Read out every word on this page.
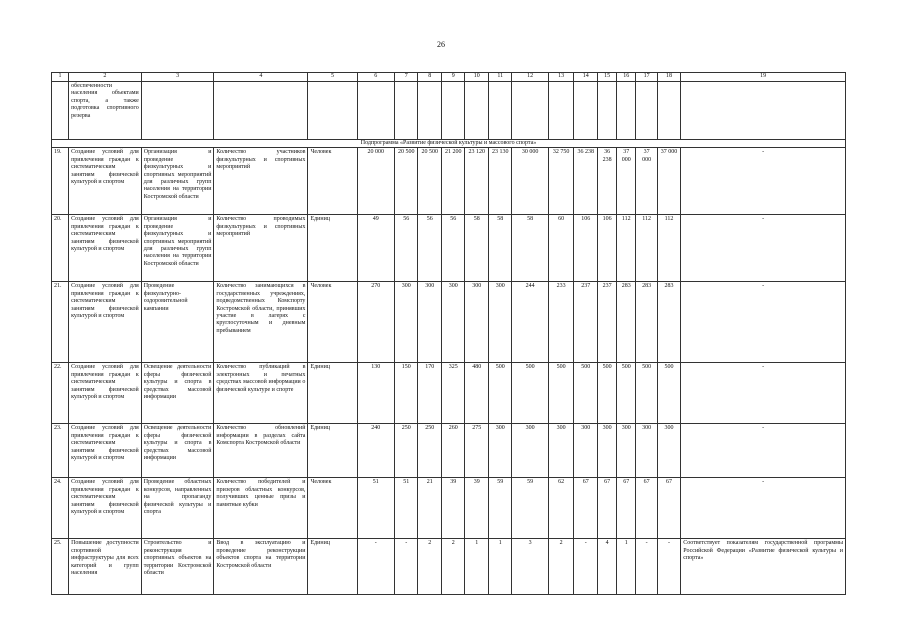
26
1	2	3	4	5	6	7	8	9	10	11	12	13	14	15	16	17	18	19
	обеспеченности населения объектами спорта, а также подготовка спортивного резерва																	
Подпрограмма «Развитие физической культуры и массового спорта»																		
19.	Создание условий для привлечения граждан к систематическим занятиям физической культурой и спортом	Организация и проведение физкультурных и спортивных мероприятий для различных групп населения на территории Костромской области	Количество участников физкультурных и спортивных мероприятий	Человек	20 000	20 500	20 500	21 200	23 120	23 130	30 000	32 750	36 238	36 238	37 000	37 000	37 000	-
20.	Создание условий для привлечения граждан к систематическим занятиям физической культурой и спортом	Организация и проведение физкультурных и спортивных мероприятий для различных групп населения на территории Костромской области	Количество проводимых физкультурных и спортивных мероприятий	Единиц	49	56	56	56	58	58	58	60	106	106	112	112	112	-
21.	Создание условий для привлечения граждан к систематическим занятиям физической культурой и спортом	Проведение физкультурно-оздоровительной кампании	Количество занимающихся в государственных учреждениях, подведомственных Комспорту Костромской области, принявших участие в лагерях с круглосуточным и дневным пребыванием	Человек	270	300	300	300	300	300	244	233	237	237	283	283	283	-
22.	Создание условий для привлечения граждан к систематическим занятиям физической культурой и спортом	Освещение деятельности сферы физической культуры и спорта в средствах массовой информации	Количество публикаций в электронных и печатных средствах массовой информации о физической культуре и спорте	Единиц	130	150	170	325	480	500	500	500	500	500	500	500	500	-
23.	Создание условий для привлечения граждан к систематическим занятиям физической культурой и спортом	Освещение деятельности сферы физической культуры и спорта в средствах массовой информации	Количество обновлений информации в разделах сайта Комспорта Костромской области	Единиц	240	250	250	260	275	300	300	300	300	300	300	300	300	-
24.	Создание условий для привлечения граждан к систематическим занятиям физической культурой и спортом	Проведение областных конкурсов, направленных на пропаганду физической культуры и спорта	Количество победителей и призеров областных конкурсов, получивших ценные призы и памятные кубки	Человек	51	51	21	39	39	59	59	62	67	67	67	67	67	-
25.	Повышение доступности спортивной инфраструктуры для всех категорий и групп населения	Строительство и реконструкция спортивных объектов на территории Костромской области	Ввод в эксплуатацию и проведение реконструкции объектов спорта на территории Костромской области	Единиц	-	-	2	2	1	1	3	2	-	4	1	-	-	Соответствует показателям государственной программы Российской Федерации «Развитие физической культуры и спорта»
